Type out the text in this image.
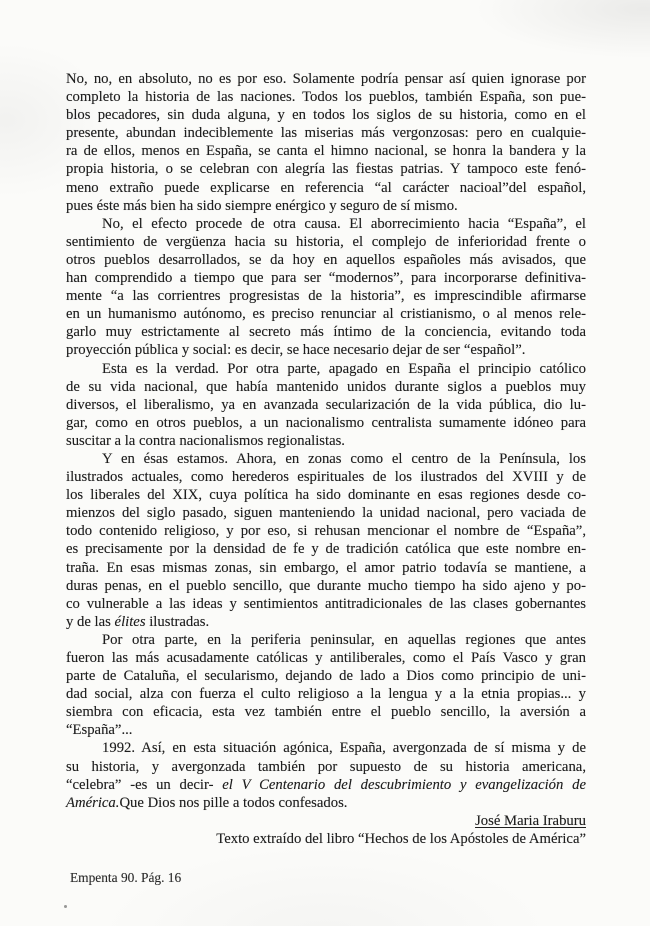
No, no, en absoluto, no es por eso. Solamente podría pensar así quien ignorase por
completo la historia de las naciones. Todos los pueblos, también España, son pue-
blos pecadores, sin duda alguna, y en todos los siglos de su historia, como en el
presente, abundan indeciblemente las miserias más vergonzosas: pero en cualquie-
ra de ellos, menos en España, se canta el himno nacional, se honra la bandera y la
propia historia, o se celebran con alegría las fiestas patrias. Y tampoco este fenó-
meno extraño puede explicarse en referencia “al carácter nacioal”del español,
pues éste más bien ha sido siempre enérgico y seguro de sí mismo.
No, el efecto procede de otra causa. El aborrecimiento hacia “España”, el
sentimiento de vergüenza hacia su historia, el complejo de inferioridad frente o
otros pueblos desarrollados, se da hoy en aquellos españoles más avisados, que
han comprendido a tiempo que para ser “modernos”, para incorporarse definitiva-
mente “a las corrientres progresistas de la historia”, es imprescindible afirmarse
en un humanismo autónomo, es preciso renunciar al cristianismo, o al menos rele-
garlo muy estrictamente al secreto más íntimo de la conciencia, evitando toda
proyección pública y social: es decir, se hace necesario dejar de ser “español”.
Esta es la verdad. Por otra parte, apagado en España el principio católico
de su vida nacional, que había mantenido unidos durante siglos a pueblos muy
diversos, el liberalismo, ya en avanzada secularización de la vida pública, dio lu-
gar, como en otros pueblos, a un nacionalismo centralista sumamente idóneo para
suscitar a la contra nacionalismos regionalistas.
Y en ésas estamos. Ahora, en zonas como el centro de la Península, los
ilustrados actuales, como herederos espirituales de los ilustrados del XVIII y de
los liberales del XIX, cuya política ha sido dominante en esas regiones desde co-
mienzos del siglo pasado, siguen manteniendo la unidad nacional, pero vaciada de
todo contenido religioso, y por eso, si rehusan mencionar el nombre de “España”,
es precisamente por la densidad de fe y de tradición católica que este nombre en-
traña. En esas mismas zonas, sin embargo, el amor patrio todavía se mantiene, a
duras penas, en el pueblo sencillo, que durante mucho tiempo ha sido ajeno y po-
co vulnerable a las ideas y sentimientos antitradicionales de las clases gobernantes
y de las élites ilustradas.
Por otra parte, en la periferia peninsular, en aquellas regiones que antes
fueron las más acusadamente católicas y antiliberales, como el País Vasco y gran
parte de Cataluña, el secularismo, dejando de lado a Dios como principio de uni-
dad social, alza con fuerza el culto religioso a la lengua y a la etnia propias... y
siembra con eficacia, esta vez también entre el pueblo sencillo, la aversión a
“España”...
1992. Así, en esta situación agónica, España, avergonzada de sí misma y de
su historia, y avergonzada también por supuesto de su historia americana,
“celebra” -es un decir- el V Centenario del descubrimiento y evangelización de
América.Que Dios nos pille a todos confesados.
José Maria Iraburu
Texto extraído del libro “Hechos de los Apóstoles de América”
Empenta 90. Pág. 16
